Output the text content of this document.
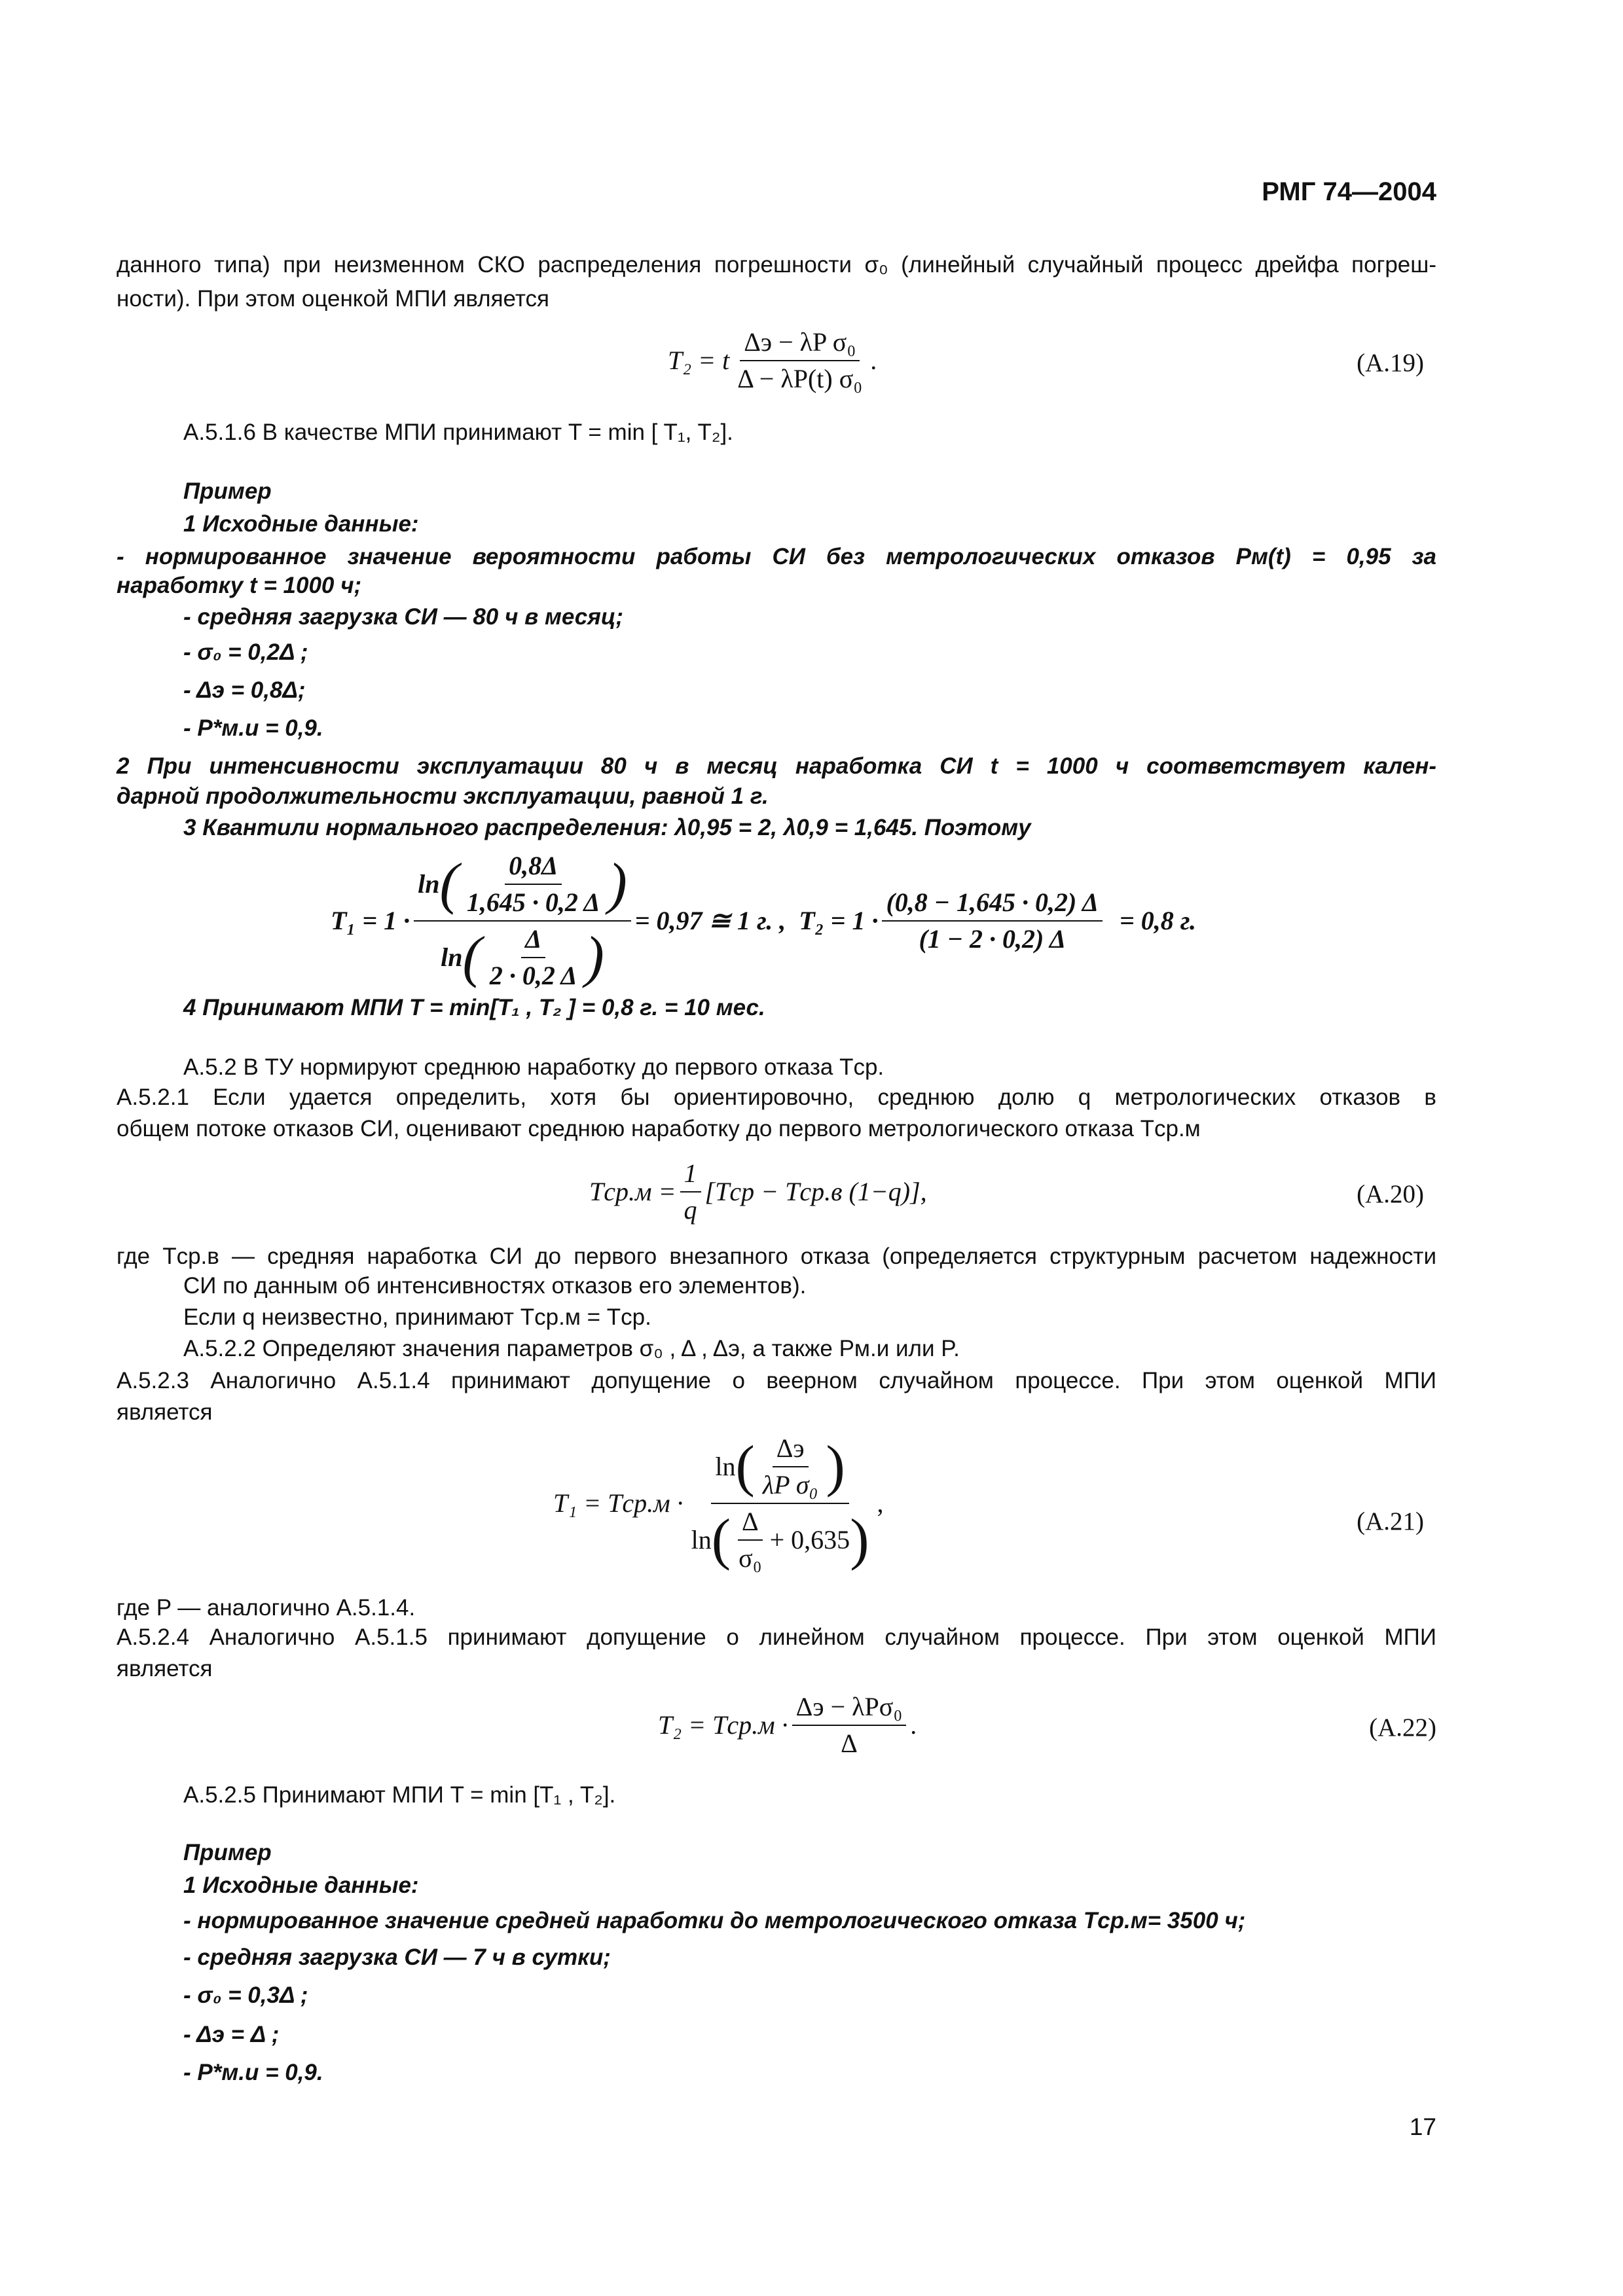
РМГ 74—2004
данного типа) при неизменном СКО распределения погрешности σ₀ (линейный случайный процесс дрейфа погреш-
ности). При этом оценкой МПИ является
T₂ = t $\frac{\text{Δэ − λP σ₀}}{\text{Δ − λP(t) σ₀}}$ .	(А.19)
А.5.1.6 В качестве МПИ принимают T = min [ T₁, T₂].
Пример
1 Исходные данные:
- нормированное значение вероятности работы СИ без метрологических отказов Pм(t) = 0,95 за
наработку t = 1000 ч;
- средняя загрузка СИ — 80 ч в месяц;
- σ₀ = 0,2Δ ;
- Δэ = 0,8Δ;
- P*м.и = 0,9.
2 При интенсивности эксплуатации 80 ч в месяц наработка СИ t = 1000 ч соответствует кален-
дарной продолжительности эксплуатации, равной 1 г.
3 Квантили нормального распределения: λ0,95 = 2, λ0,9 = 1,645. Поэтому
T₁ = 1 ·
ln ( $\frac{0,8\Delta}{1,645 \cdot 0,2 \Delta}$ )
ln ( $\frac{\Delta}{2 \cdot 0,2 \Delta}$ )
= 0,97 ≅ 1 г. , $T_2 = 1 \cdot \frac{(0,8 - 1,645 \cdot 0,2) \Delta}{(1 - 2 \cdot 0,2) \Delta} = 0,8$ г.
4 Принимают МПИ T = min[T₁ , T₂ ] = 0,8 г. = 10 мес.
А.5.2 В ТУ нормируют среднюю наработку до первого отказа Tср.
А.5.2.1 Если удается определить, хотя бы ориентировочно, среднюю долю q метрологических отказов в
общем потоке отказов СИ, оценивают среднюю наработку до первого метрологического отказа Tср.м
$Tср.м = \frac{1}{q} [Tср - Tср.в$ (1−q)],	(А.20)
где Tср.в — средняя наработка СИ до первого внезапного отказа (определяется структурным расчетом надежности
СИ по данным об интенсивностях отказов его элементов).
Если q неизвестно, принимают Tср.м = Tср.
А.5.2.2 Определяют значения параметров σ₀ , Δ , Δэ, а также Pм.и или P.
А.5.2.3 Аналогично А.5.1.4 принимают допущение о веерном случайном процессе. При этом оценкой МПИ
является
T₁ = Tср.м ·
ln ( $\frac{\Delta э}{\text{λP σ₀}}$ )
ln ( $\frac{\Delta}{\text{σ₀}} + 0,635$ )
,
(А.21)
где P — аналогично А.5.1.4.
А.5.2.4 Аналогично А.5.1.5 принимают допущение о линейном случайном процессе. При этом оценкой МПИ
является
$T_2 = Tср.м \cdot \frac{\text{Δэ − λPσ₀}}{\Delta}$ .	(А.22)
А.5.2.5 Принимают МПИ T = min [T₁ , T₂].
Пример
1 Исходные данные:
- нормированное значение средней наработки до метрологического отказа Tср.м= 3500 ч;
- средняя загрузка СИ — 7 ч в сутки;
- σ₀ = 0,3Δ ;
- Δэ = Δ ;
- P*м.и = 0,9.
17
